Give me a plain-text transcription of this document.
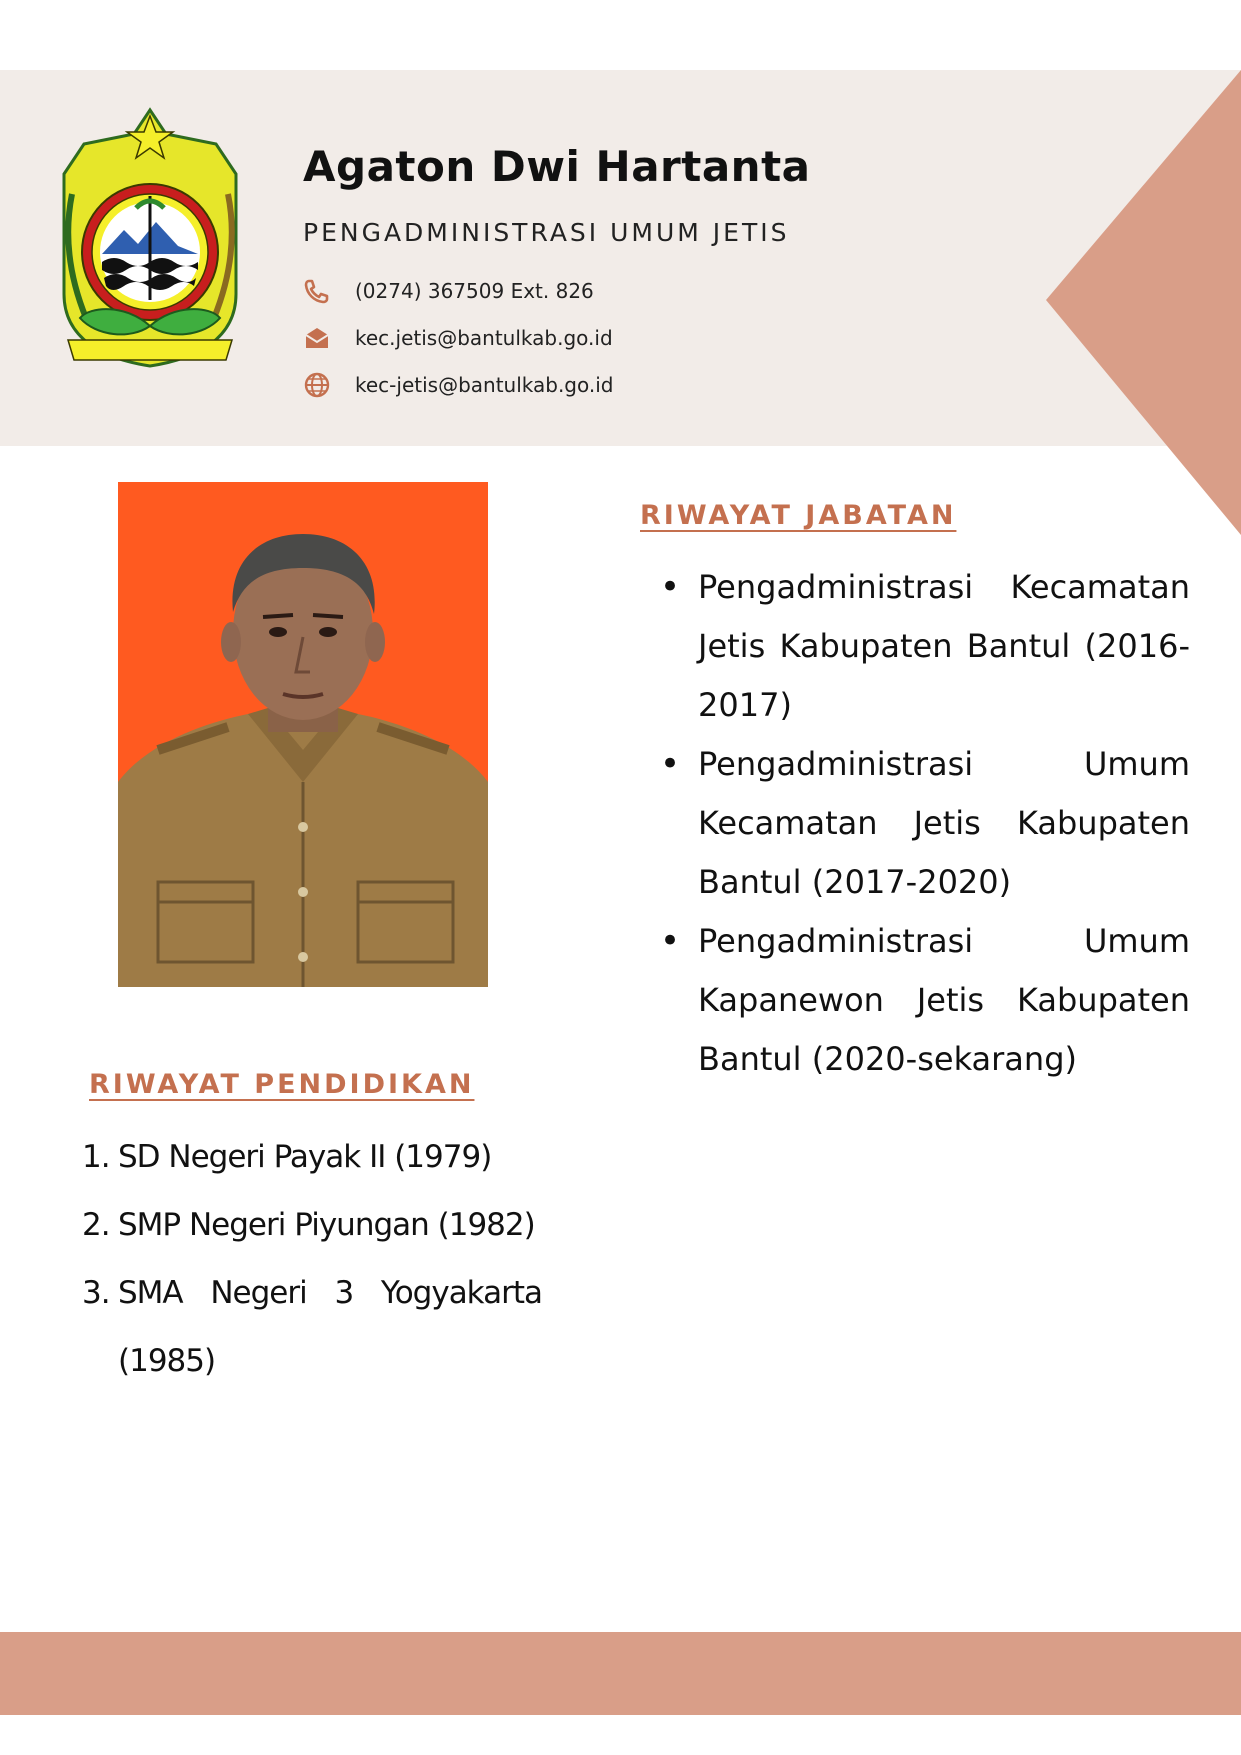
Agaton Dwi Hartanta
PENGADMINISTRASI UMUM JETIS
(0274) 367509 Ext. 826
kec.jetis@bantulkab.go.id
kec-jetis@bantulkab.go.id
RIWAYAT JABATAN
• Pengadministrasi Kecamatan Jetis Kabupaten Bantul (2016-2017)
• Pengadministrasi Umum Kecamatan Jetis Kabupaten Bantul (2017-2020)
• Pengadministrasi Umum Kapanewon Jetis Kabupaten Bantul (2020-sekarang)
RIWAYAT PENDIDIKAN
1. SD Negeri Payak II (1979)
2. SMP Negeri Piyungan (1982)
3. SMA Negeri 3 Yogyakarta (1985)
